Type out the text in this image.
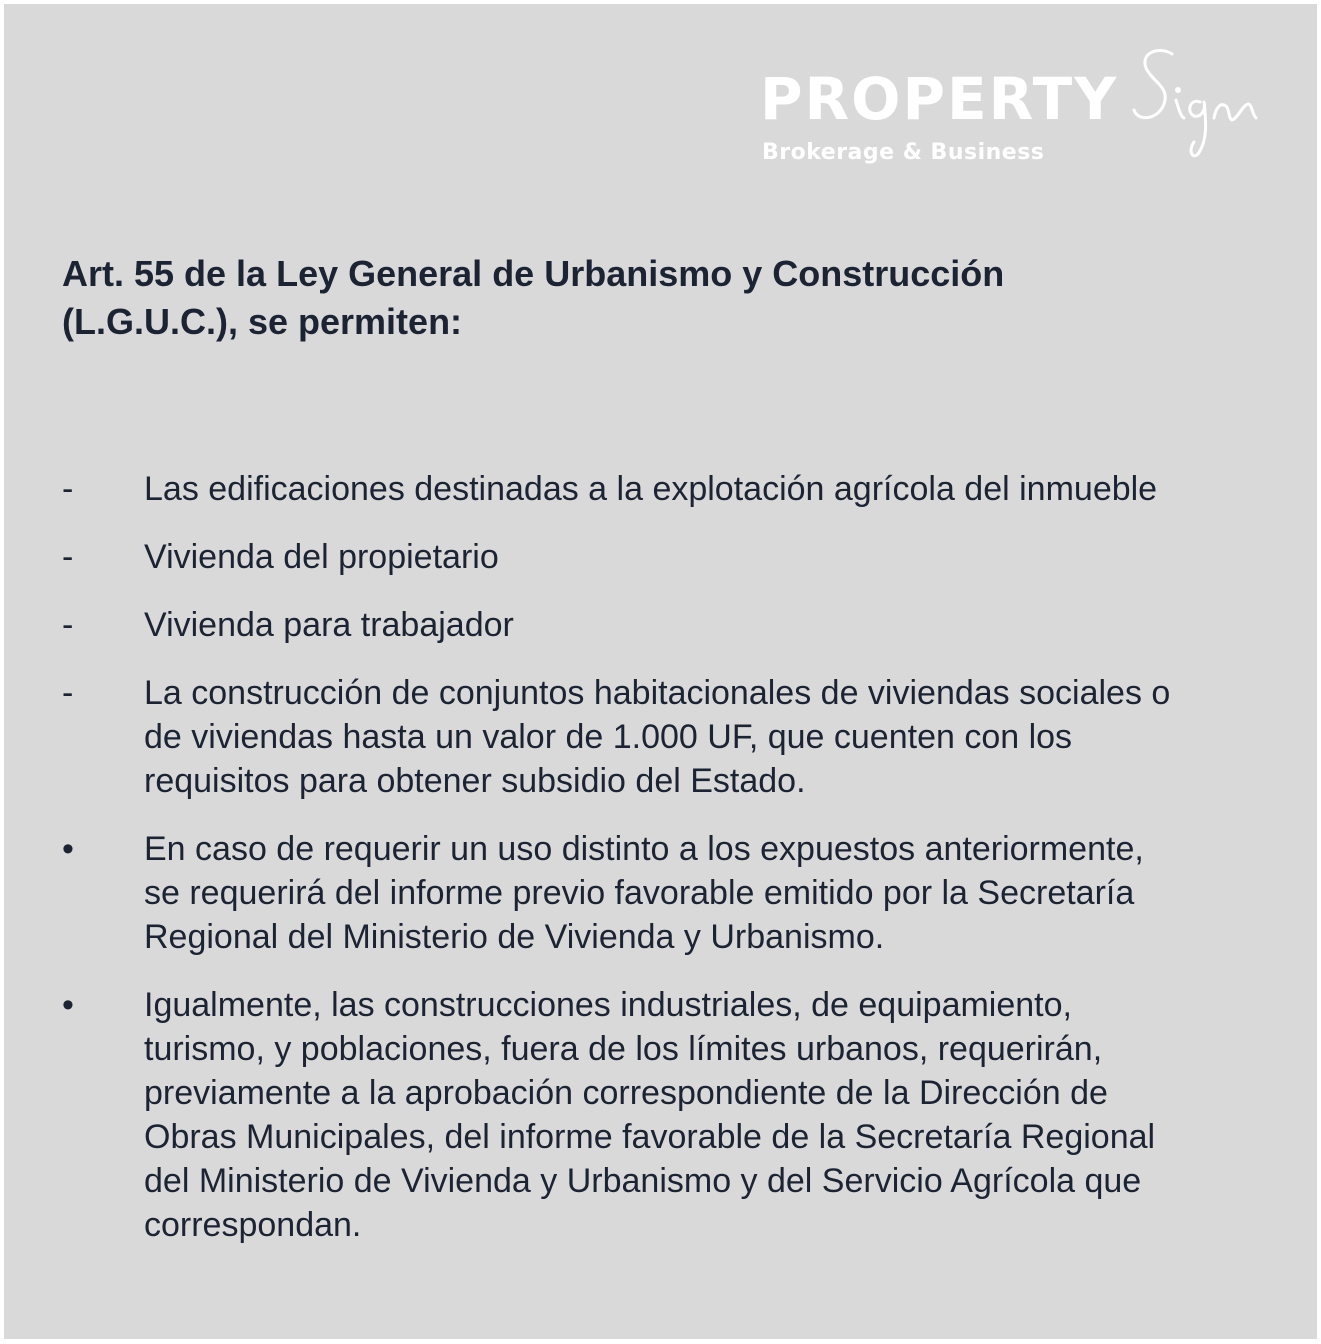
PROPERTY
Brokerage & Business
Art. 55 de la Ley General de Urbanismo y Construcción
(L.G.U.C.), se permiten:
-	Las edificaciones destinadas a la explotación agrícola del inmueble
-	Vivienda del propietario
-	Vivienda para trabajador
-	La construcción de conjuntos habitacionales de viviendas sociales o
de viviendas hasta un valor de 1.000 UF, que cuenten con los
requisitos para obtener subsidio del Estado.
•	En caso de requerir un uso distinto a los expuestos anteriormente,
se requerirá del informe previo favorable emitido por la Secretaría
Regional del Ministerio de Vivienda y Urbanismo.
•	Igualmente, las construcciones industriales, de equipamiento,
turismo, y poblaciones, fuera de los límites urbanos, requerirán,
previamente a la aprobación correspondiente de la Dirección de
Obras Municipales, del informe favorable de la Secretaría Regional
del Ministerio de Vivienda y Urbanismo y del Servicio Agrícola que
correspondan.
